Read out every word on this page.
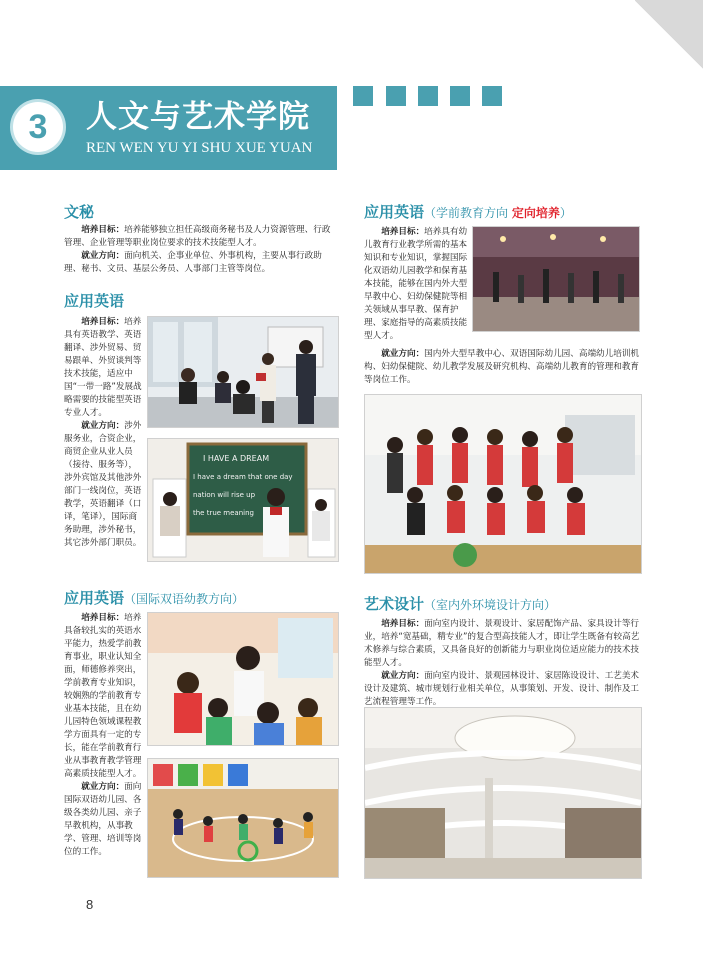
3	人文与艺术学院
REN WEN YU YI SHU XUE YUAN
文秘

培养目标：培养能够独立担任高级商务秘书及人力资源管理、行政管理、企业管理等职业岗位要求的技术技能型人才。

就业方向：面向机关、企事业单位、外事机构，主要从事行政助理、秘书、文员、基层公务员、人事部门主管等岗位。

应用英语

培养目标：培养具有英语教学、英语翻译、涉外贸易、贸易跟单、外贸谈判等技术技能，适应中国“一带一路”发展战略需要的技能型英语专业人才。

就业方向：涉外服务业，合资企业，商贸企业从业人员（接待、服务等），涉外宾馆及其他涉外部门一线岗位，英语教学，英语翻译（口译，笔译），国际商务助理，涉外秘书，其它涉外部门职员。

I HAVE A DREAM
I have a dream that one day
nation will rise up
the true meaning
应用英语（国际双语幼教方向）

培养目标：培养具备较扎实的英语水平能力，热爱学前教育事业，职业认知全面，师德修养突出，学前教育专业知识，较娴熟的学前教育专业基本技能，且在幼儿园特色领域课程教学方面具有一定的专长，能在学前教育行业从事教育教学管理高素质技能型人才。

就业方向：面向国际双语幼儿园、各级各类幼儿园、亲子早教机构，从事教学、管理、培训等岗位的工作。

应用英语（学前教育方向 定向培养）

培养目标：培养具有幼儿教育行业教学所需的基本知识和专业知识，掌握国际化双语幼儿园教学和保育基本技能，能够在国内外大型早教中心、妇幼保健院等相关领域从事早教、保育护理、家庭指导的高素质技能型人才。

就业方向：国内外大型早教中心、双语国际幼儿园、高端幼儿培训机构、妇幼保健院、幼儿教学发展及研究机构、高端幼儿教育的管理和教育等岗位工作。

艺术设计（室内外环境设计方向）

培养目标：面向室内设计、景观设计、家居配饰产品、家具设计等行业，培养“宽基础，精专业”的复合型高技能人才，即让学生既备有较高艺术修养与综合素质，又具备良好的创新能力与职业岗位适应能力的技术技能型人才。

就业方向：面向室内设计、景观园林设计、家居陈设设计、工艺美术设计及建筑、城市规划行业相关单位，从事策划、开发、设计、制作及工艺流程管理等工作。

8
